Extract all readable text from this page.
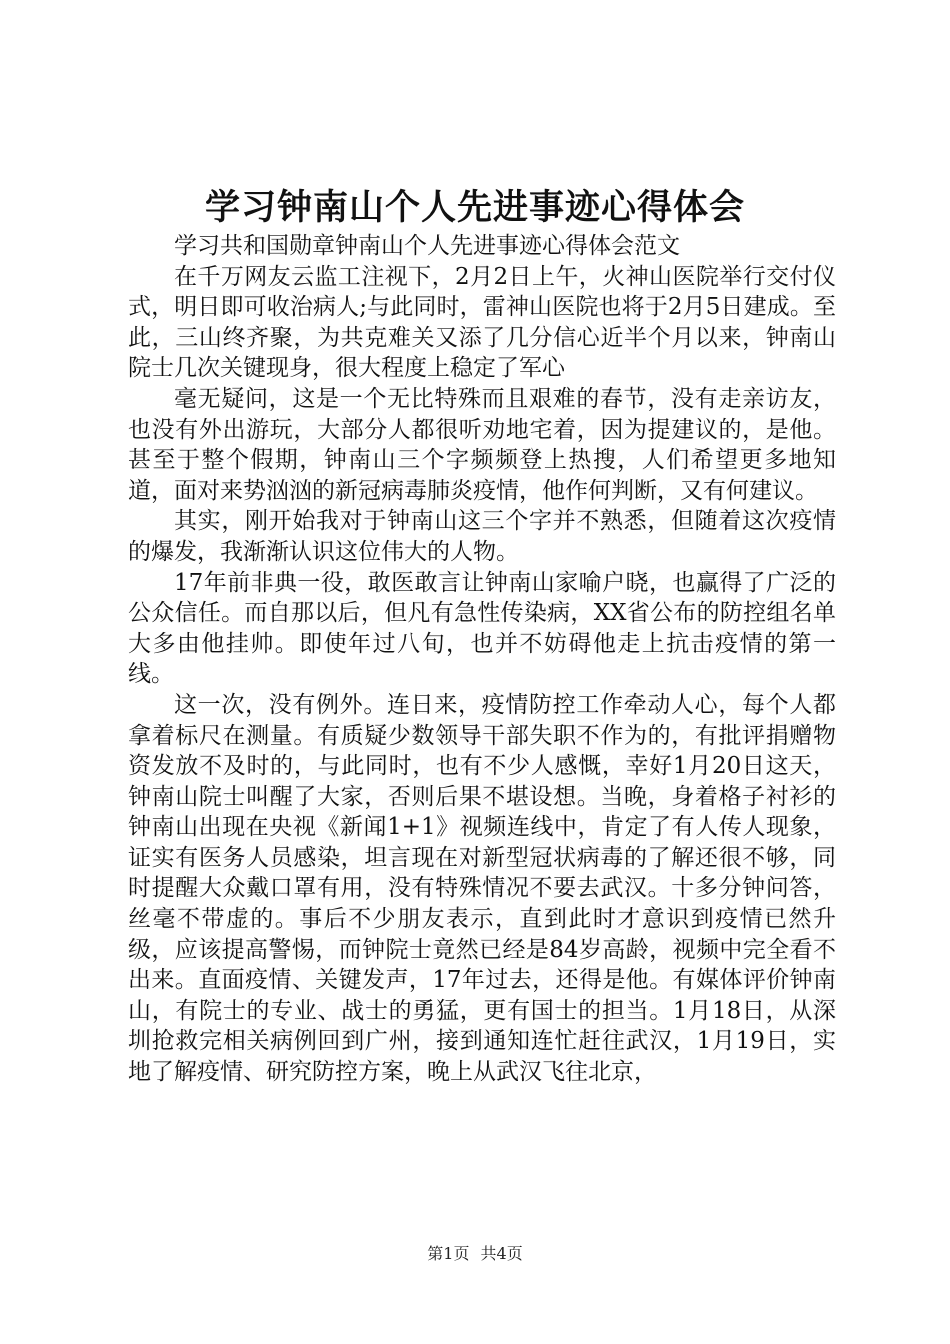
学习钟南山个人先进事迹心得体会

学习共和国勋章钟南山个人先进事迹心得体会范文

在千万网友云监工注视下，2月2日上午，火神山医院举行交付仪式，明日即可收治病人;与此同时，雷神山医院也将于2月5日建成。至此，三山终齐聚，为共克难关又添了几分信心近半个月以来，钟南山院士几次关键现身，很大程度上稳定了军心

毫无疑问，这是一个无比特殊而且艰难的春节，没有走亲访友，也没有外出游玩，大部分人都很听劝地宅着，因为提建议的，是他。甚至于整个假期，钟南山三个字频频登上热搜，人们希望更多地知道，面对来势汹汹的新冠病毒肺炎疫情，他作何判断，又有何建议。

其实，刚开始我对于钟南山这三个字并不熟悉，但随着这次疫情的爆发，我渐渐认识这位伟大的人物。

17年前非典一役，敢医敢言让钟南山家喻户晓，也赢得了广泛的公众信任。而自那以后，但凡有急性传染病，XX省公布的防控组名单大多由他挂帅。即使年过八旬，也并不妨碍他走上抗击疫情的第一线。

这一次，没有例外。连日来，疫情防控工作牵动人心，每个人都拿着标尺在测量。有质疑少数领导干部失职不作为的，有批评捐赠物资发放不及时的，与此同时，也有不少人感慨，幸好1月20日这天，钟南山院士叫醒了大家，否则后果不堪设想。当晚，身着格子衬衫的钟南山出现在央视《新闻1+1》视频连线中，肯定了有人传人现象，证实有医务人员感染，坦言现在对新型冠状病毒的了解还很不够，同时提醒大众戴口罩有用，没有特殊情况不要去武汉。十多分钟问答，丝毫不带虚的。事后不少朋友表示，直到此时才意识到疫情已然升级，应该提高警惕，而钟院士竟然已经是84岁高龄，视频中完全看不出来。直面疫情、关键发声，17年过去，还得是他。有媒体评价钟南山，有院士的专业、战士的勇猛，更有国士的担当。1月18日，从深圳抢救完相关病例回到广州，接到通知连忙赶往武汉，1月19日，实地了解疫情、研究防控方案，晚上从武汉飞往北京，

第1页 共4页
